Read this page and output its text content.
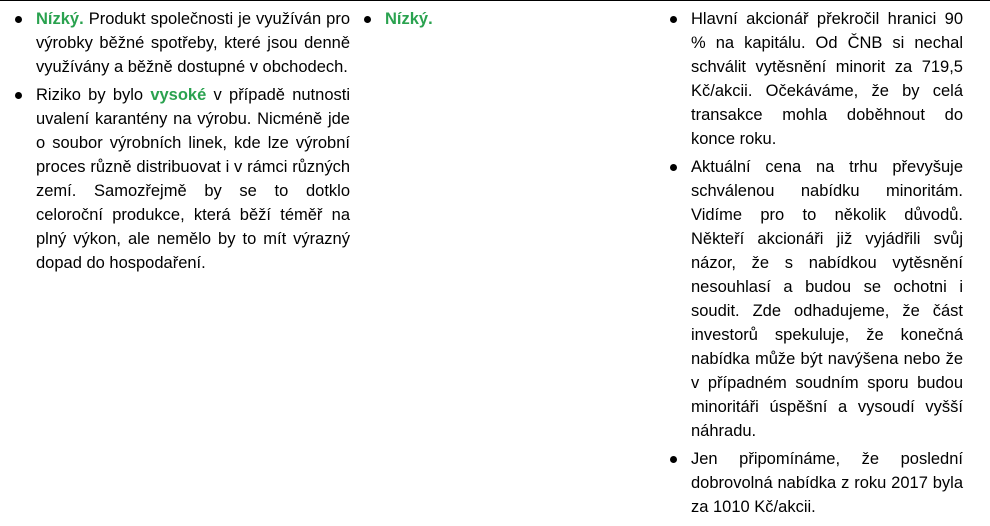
Nízký. Produkt společnosti je využíván pro výrobky běžné spotřeby, které jsou denně využívány a běžně dostupné v obchodech.
Riziko by bylo vysoké v případě nutnosti uvalení karantény na výrobu. Nicméně jde o soubor výrobních linek, kde lze výrobní proces různě distribuovat i v rámci různých zemí. Samozřejmě by se to dotklo celoroční produkce, která běží téměř na plný výkon, ale nemělo by to mít výrazný dopad do hospodaření.
Nízký.	Hlavní akcionář překročil hranici 90 % na kapitálu. Od ČNB si nechal schválit vytěsnění minorit za 719,5 Kč/akcii. Očekáváme, že by celá transakce mohla doběhnout do konce roku.
Aktuální cena na trhu převyšuje schválenou nabídku minoritám. Vidíme pro to několik důvodů. Někteří akcionáři již vyjádřili svůj názor, že s nabídkou vytěsnění nesouhlasí a budou se ochotni i soudit. Zde odhadujeme, že část investorů spekuluje, že konečná nabídka může být navýšena nebo že v případném soudním sporu budou minoritáři úspěšní a vysoudí vyšší náhradu.
Jen připomínáme, že poslední dobrovolná nabídka z roku 2017 byla za 1010 Kč/akcii.
